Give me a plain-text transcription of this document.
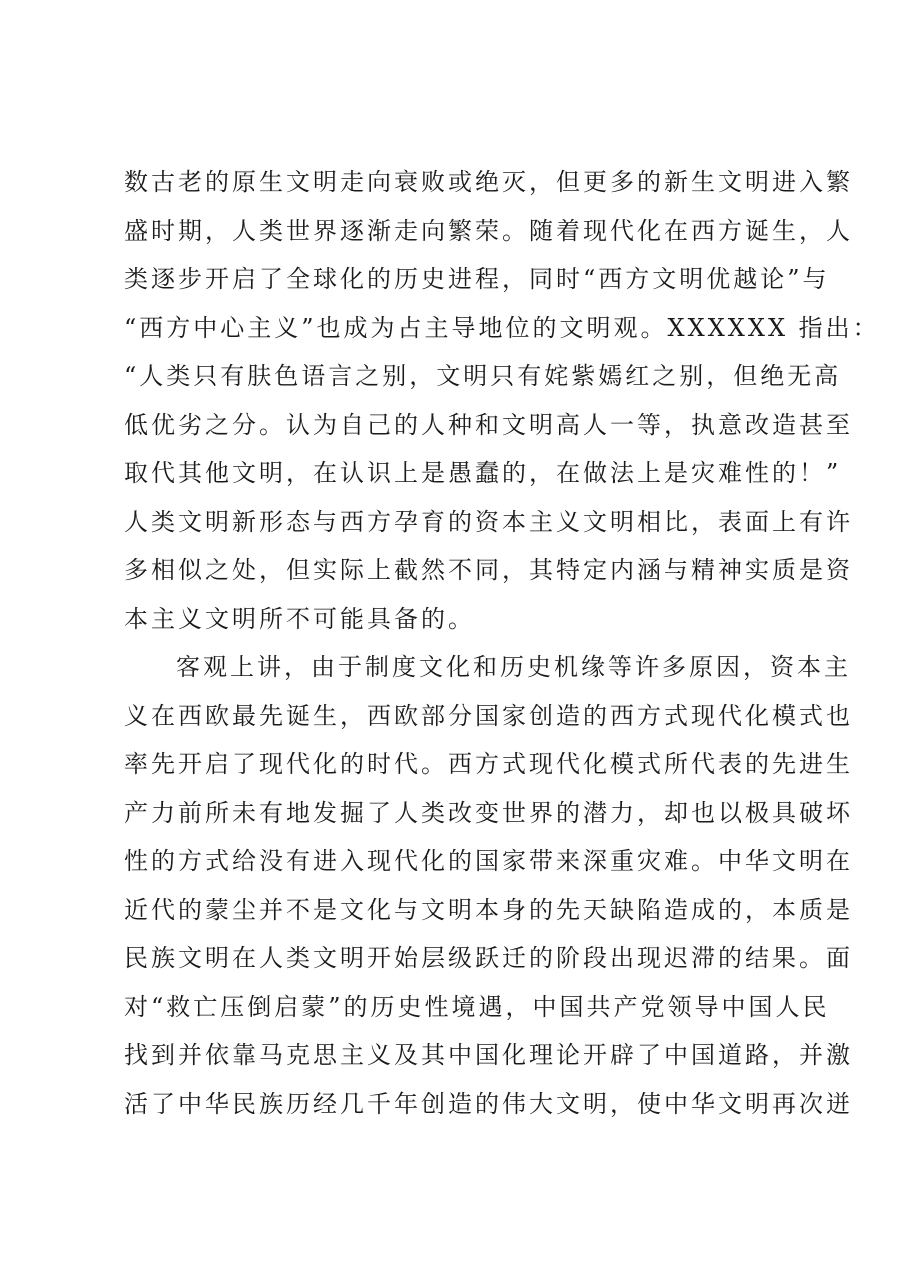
数古老的原生文明走向衰败或绝灭，但更多的新生文明进入繁
盛时期，人类世界逐渐走向繁荣。随着现代化在西方诞生，人
类逐步开启了全球化的历史进程，同时“西方文明优越论”与
“西方中心主义”也成为占主导地位的文明观。XXXXXX 指出：
“人类只有肤色语言之别，文明只有姹紫嫣红之别，但绝无高
低优劣之分。认为自己的人种和文明高人一等，执意改造甚至
取代其他文明，在认识上是愚蠢的，在做法上是灾难性的！”
人类文明新形态与西方孕育的资本主义文明相比，表面上有许
多相似之处，但实际上截然不同，其特定内涵与精神实质是资
本主义文明所不可能具备的。
客观上讲，由于制度文化和历史机缘等许多原因，资本主
义在西欧最先诞生，西欧部分国家创造的西方式现代化模式也
率先开启了现代化的时代。西方式现代化模式所代表的先进生
产力前所未有地发掘了人类改变世界的潜力，却也以极具破坏
性的方式给没有进入现代化的国家带来深重灾难。中华文明在
近代的蒙尘并不是文化与文明本身的先天缺陷造成的，本质是
民族文明在人类文明开始层级跃迁的阶段出现迟滞的结果。面
对“救亡压倒启蒙”的历史性境遇，中国共产党领导中国人民
找到并依靠马克思主义及其中国化理论开辟了中国道路，并激
活了中华民族历经几千年创造的伟大文明，使中华文明再次迸
